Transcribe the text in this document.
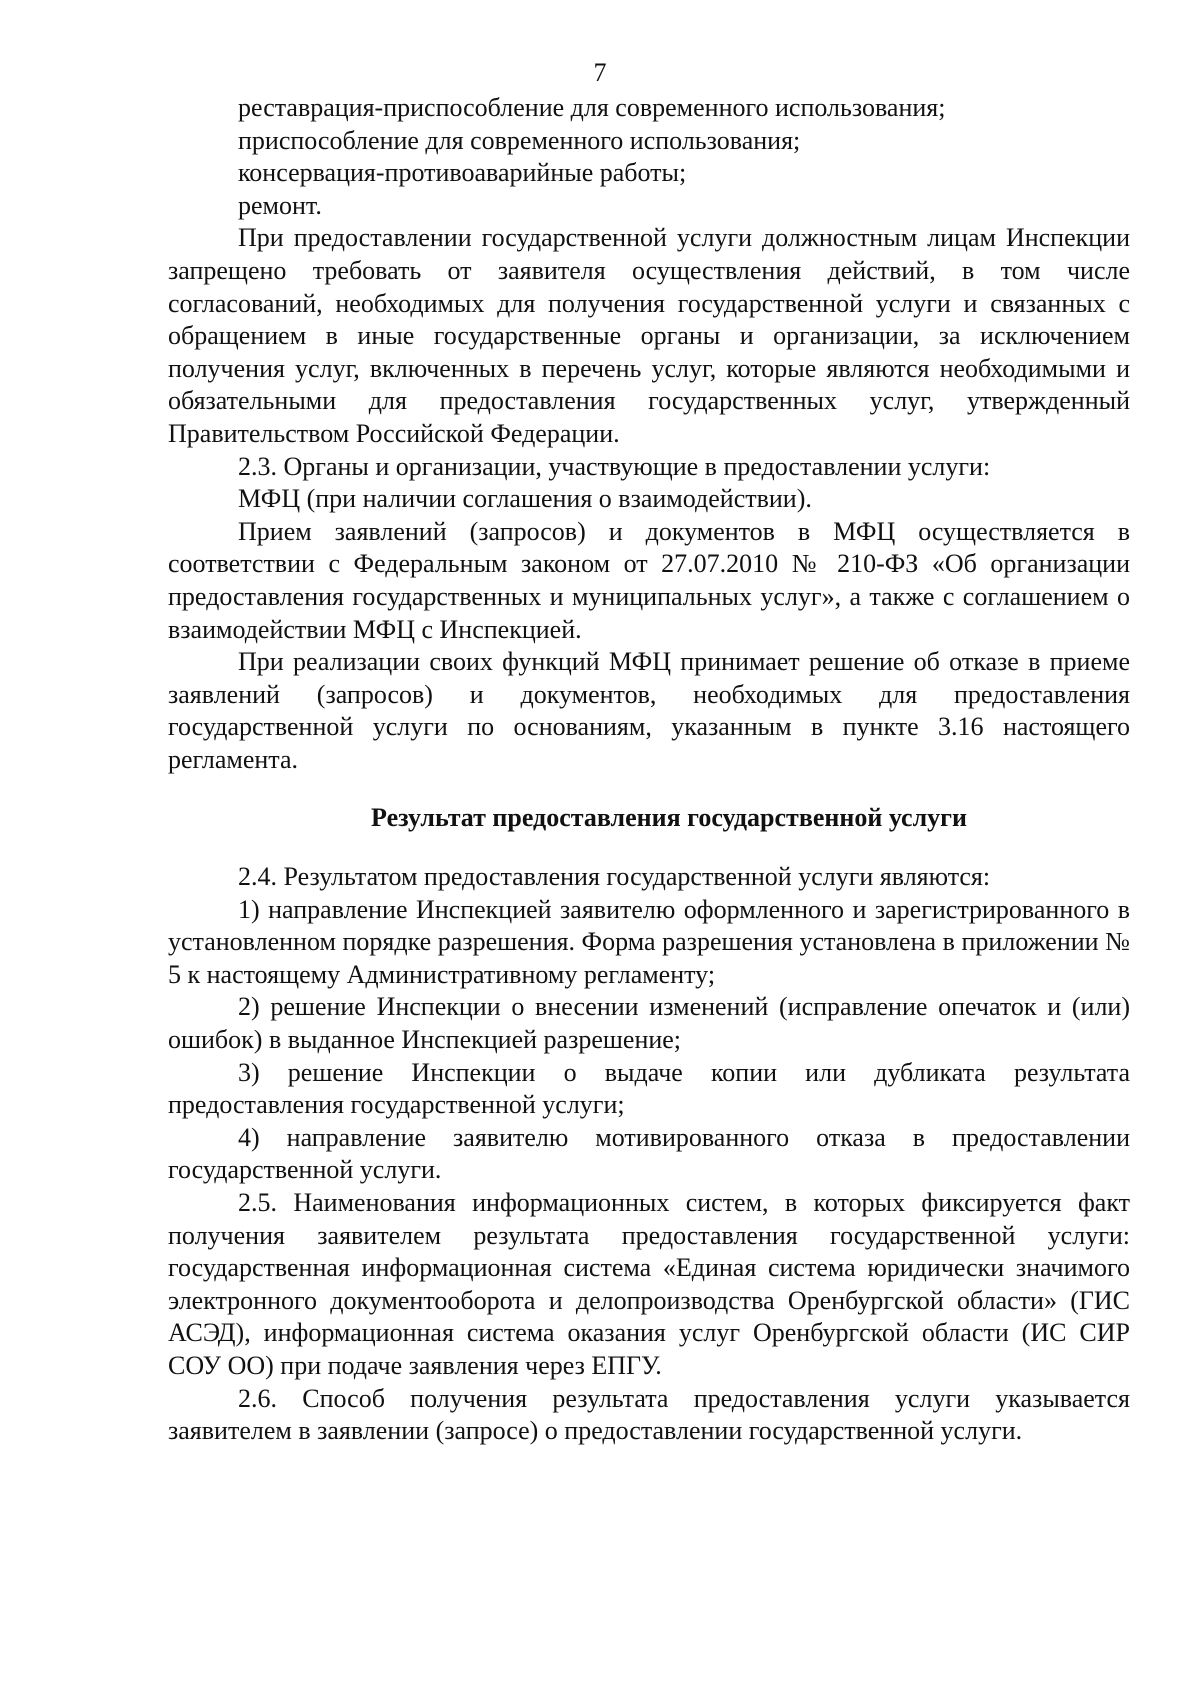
7
реставрация-приспособление для современного использования;
приспособление для современного использования;
консервация-противоаварийные работы;
ремонт.

При предоставлении государственной услуги должностным лицам Инспекции запрещено требовать от заявителя осуществления действий, в том числе согласований, необходимых для получения государственной услуги и связанных с обращением в иные государственные органы и организации, за исключением получения услуг, включенных в перечень услуг, которые являются необходимыми и обязательными для предоставления государственных услуг, утвержденный Правительством Российской Федерации.

2.3. Органы и организации, участвующие в предоставлении услуги:

МФЦ (при наличии соглашения о взаимодействии).

Прием заявлений (запросов) и документов в МФЦ осуществляется в соответствии с Федеральным законом от 27.07.2010 № 210-ФЗ «Об организации предоставления государственных и муниципальных услуг», а также с соглашением о взаимодействии МФЦ с Инспекцией.

При реализации своих функций МФЦ принимает решение об отказе в приеме заявлений (запросов) и документов, необходимых для предоставления государственной услуги по основаниям, указанным в пункте 3.16 настоящего регламента.

Результат предоставления государственной услуги

2.4. Результатом предоставления государственной услуги являются:

1) направление Инспекцией заявителю оформленного и зарегистрированного в установленном порядке разрешения. Форма разрешения установлена в приложении № 5 к настоящему Административному регламенту;

2) решение Инспекции о внесении изменений (исправление опечаток и (или) ошибок) в выданное Инспекцией разрешение;

3) решение Инспекции о выдаче копии или дубликата результата предоставления государственной услуги;

4) направление заявителю мотивированного отказа в предоставлении государственной услуги.

2.5. Наименования информационных систем, в которых фиксируется факт получения заявителем результата предоставления государственной услуги: государственная информационная система «Единая система юридически значимого электронного документооборота и делопроизводства Оренбургской области» (ГИС АСЭД), информационная система оказания услуг Оренбургской области (ИС СИР СОУ ОО) при подаче заявления через ЕПГУ.

2.6. Способ получения результата предоставления услуги указывается заявителем в заявлении (запросе) о предоставлении государственной услуги.
